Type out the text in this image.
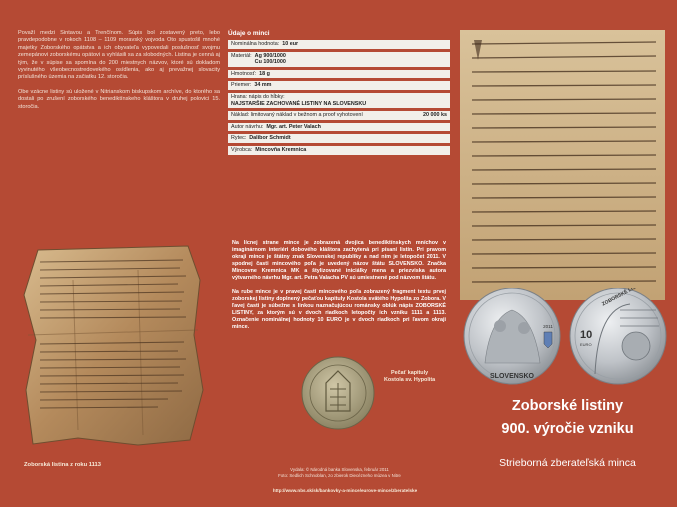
Považí medzi Sintavou a Trenčínom. Súpis bol zostavený preto, lebo pravdepodobne v rokoch 1108 – 1109 moravský vojvoda Oto spustošil mnohé majetky Zoborského opátstva a ich obyvateľa vypovedali poslušnosť svojmu zemepánovi zoborskému opátovi a vyhlásili sa za slobodných. Listina je cenná aj tým, že v súpise sa spomína do 200 miestnych názvov, ktoré sú dokladom vyvinutého všeobecnostredovekého osídlenia, ako aj prevažnej slovacity príslušného územia na začiatku 12. storočia.

Obe vzácne listiny sú uložené v Nitrianskom biskupskom archíve, do ktorého sa dostali po zrušení zoborského benediktínskeho kláštora v druhej polovici 15. storočia.

Zoborská listina z roku 1113
Údaje o minci
Nominálna hodnota: 10 eur
Materiál: Ag 900/1000
Cu 100/1000
Hmotnosť: 18 g
Priemer: 34 mm
Hrana: nápis do hĺbky:
NAJSTARŠIE ZACHOVANÉ LISTINY NA SLOVENSKU
Náklad: limitovaný náklad v bežnom a proof vyhotovení	20 000 ks
Autor návrhu: Mgr. art. Peter Valach
Rytec: Dalibor Schmidt
Výrobca: Mincovňa Kremnica

Na lícnej strane mince je zobrazená dvojica benediktínskych mníchov v imaginárnom interiéri dobového kláštora zachytená pri písaní listín. Pri pravom okraji mince je štátny znak Slovenskej republiky a nad ním je letopočet 2011. V spodnej časti mincového poľa je uvedený názov štátu SLOVENSKO. Značka Mincovne Kremnica MK a štylizované iniciálky mena a priezviska autora výtvarného návrhu Mgr. art. Petra Valacha PV sú umiestnené pod názvom štátu.

Na rube mince je v pravej časti mincového poľa zobrazený fragment textu prvej zoborskej listiny doplnený pečaťou kapituly Kostola svätého Hypolita zo Zobora. V ľavej časti je súbežne s linkou naznačujúcou románsky oblúk nápis ZOBORSKÉ LISTINY, za ktorým sú v dvoch riadkoch letopočty ich vzniku 1111 a 1113. Označenie nominálnej hodnoty 10 EURO je v dvoch riadkoch pri ľavom okraji mince.

Pečať kapituly
Kostola sv. Hypolita
Vydala: © Národná banka Slovenska, február 2011
Foto: Sedlich Schnoblan, zo zbierok Diecézneho múzea v Nitre
http://www.nbs.sk/sk/bankovky-a-mince/eurove-mince/zberatelske
2011
SLOVENSKO
10
EURO
Zoborské listiny
900. výročie vzniku
Strieborná zberateľská minca
